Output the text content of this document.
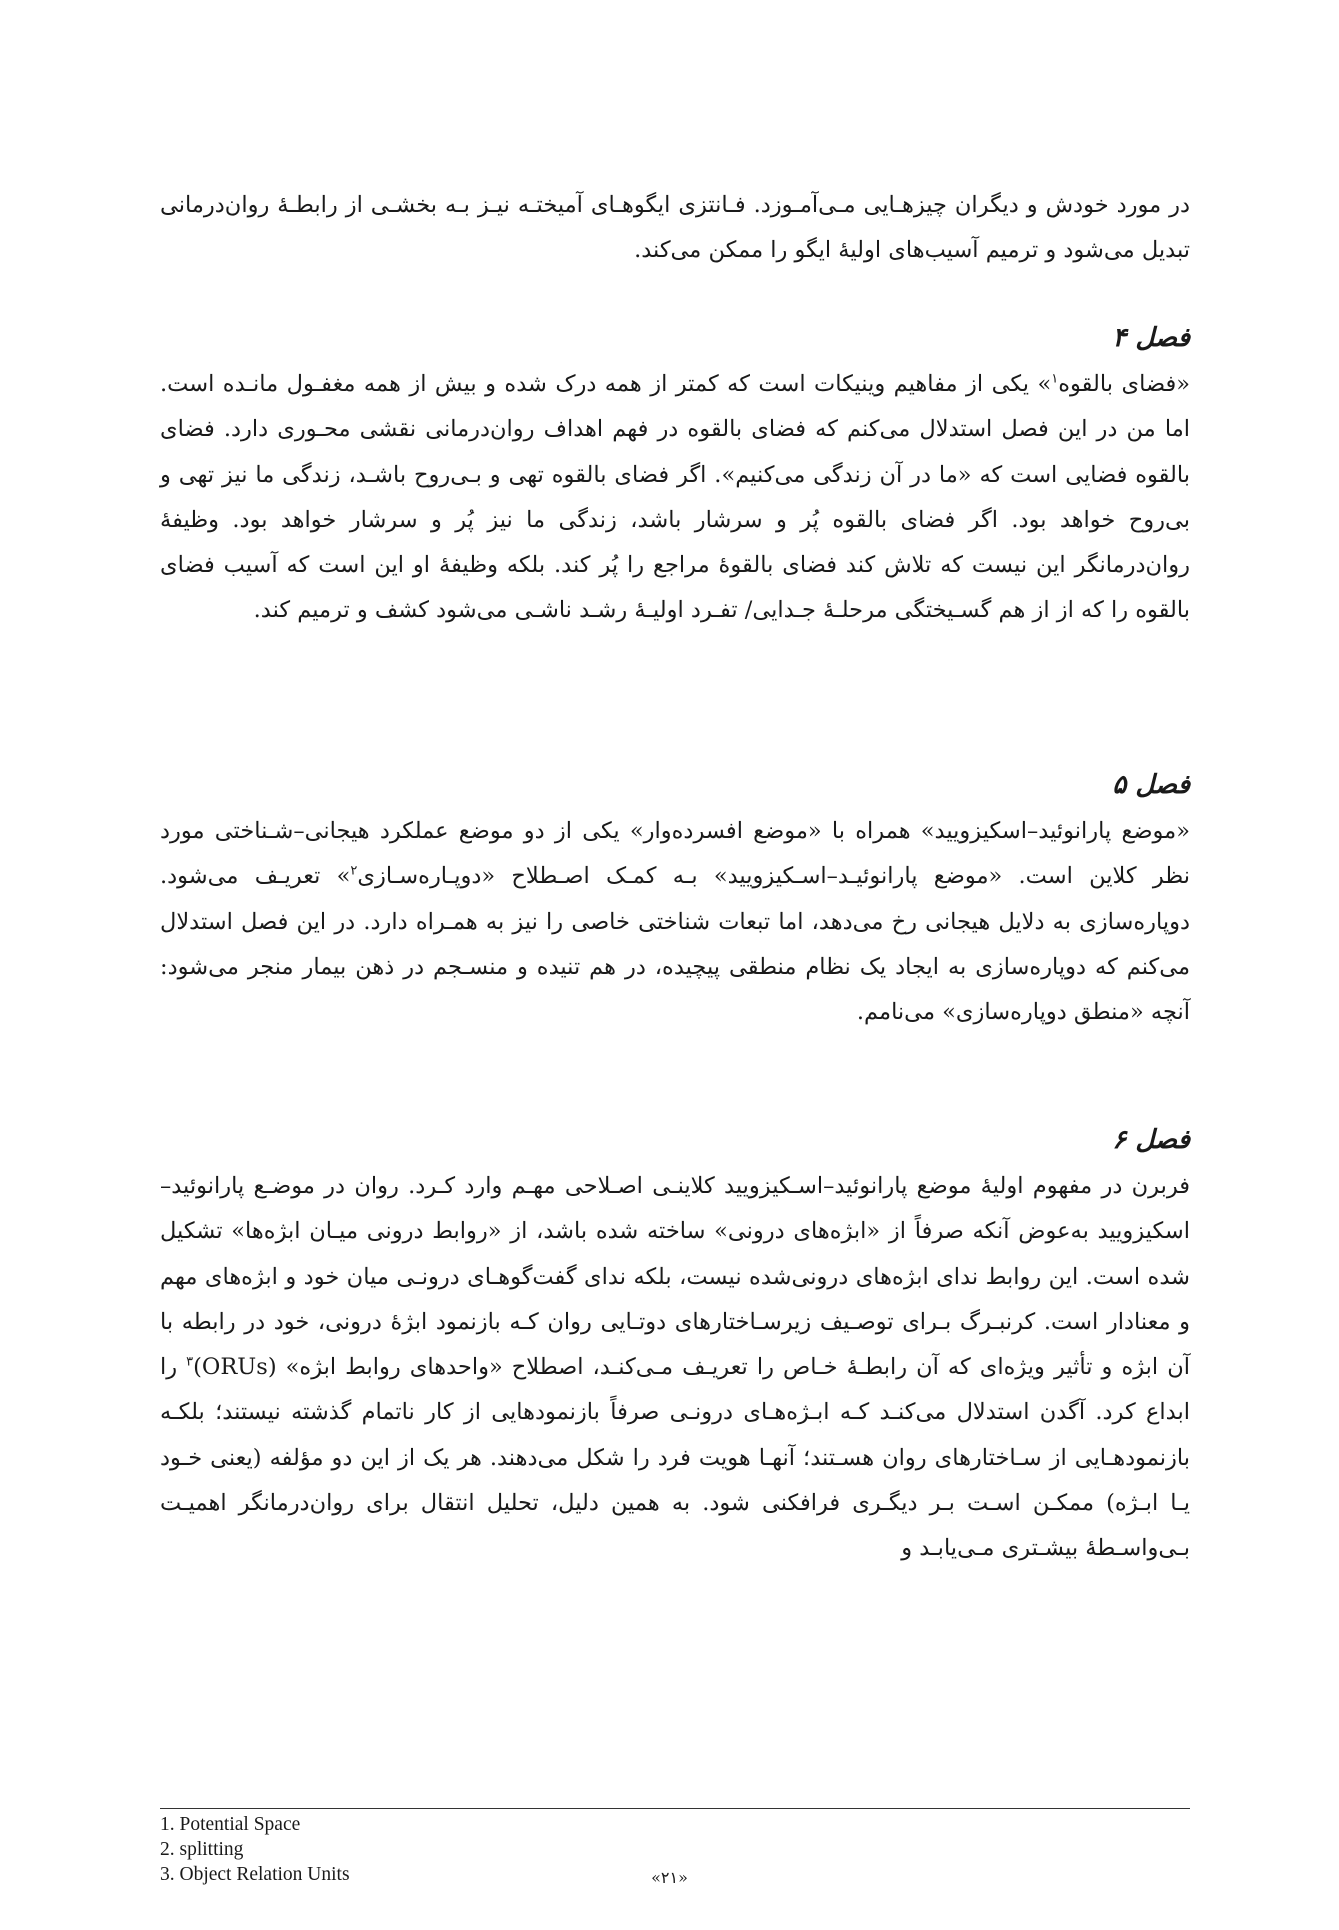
در مورد خودش و دیگران چیزهـایی مـی‌آمـوزد. فـانتزی ایگوهـای آمیختـه نیـز بـه بخشـی از رابطـۀ روان‌درمانی تبدیل می‌شود و ترمیم آسیب‌های اولیۀ ایگو را ممکن می‌کند.

فصل ۴

«فضای بالقوه$^۱$» یکی از مفاهیم وینیکات است که کمتر از همه درک شده و بیش از همه مغفـول مانـده است. اما من در این فصل استدلال می‌کنم که فضای بالقوه در فهم اهداف روان‌درمانی نقشی محـوری دارد. فضای بالقوه فضایی است که «ما در آن زندگی می‌کنیم». اگر فضای بالقوه تهی و بـی‌روح باشـد، زندگی ما نیز تهی و بی‌روح خواهد بود. اگر فضای بالقوه پُر و سرشار باشد، زندگی ما نیز پُر و سرشار خواهد بود. وظیفۀ روان‌درمانگر این نیست که تلاش کند فضای بالقوۀ مراجع را پُر کند. بلکه وظیفۀ او این است که آسیب فضای بالقوه را که از از هم گسـیختگی مرحلـۀ جـدایی/ تفـرد اولیـۀ رشـد ناشـی می‌شود کشف و ترمیم کند.

فصل ۵

«موضع پارانوئید–اسکیزویید» همراه با «موضع افسرده‌وار» یکی از دو موضع عملکرد هیجانی–شـناختی مورد نظر کلاین است. «موضع پارانوئیـد–اسـکیزویید» بـه کمـک اصـطلاح «دوپـاره‌سـازی$^۲$» تعریـف می‌شود. دوپاره‌سازی به دلایل هیجانی رخ می‌دهد، اما تبعات شناختی خاصی را نیز به همـراه دارد. در این فصل استدلال می‌کنم که دوپاره‌سازی به ایجاد یک نظام منطقی پیچیده، در هم تنیده و منسـجم در ذهن بیمار منجر می‌شود: آنچه «منطق دوپاره‌سازی» می‌نامم.

فصل ۶

فربرن در مفهوم اولیۀ موضع پارانوئید–اسـکیزویید کلاینـی اصـلاحی مهـم وارد کـرد. روان در موضـع پارانوئید–اسکیزویید به‌عوض آنکه صرفاً از «ابژه‌های درونی» ساخته شده باشد، از «روابط درونی میـان ابژه‌ها» تشکیل شده است. این روابط ندای ابژه‌های درونی‌شده نیست، بلکه ندای گفت‌گوهـای درونـی میان خود و ابژه‌های مهم و معنادار است. کرنبـرگ بـرای توصـیف زیرسـاختارهای دوتـایی روان کـه بازنمود ابژۀ درونی، خود در رابطه با آن ابژه و تأثیر ویژه‌ای که آن رابطـۀ خـاص را تعریـف مـی‌کنـد، اصطلاح «واحدهای روابط ابژه» (ORUs)$^۳$ را ابداع کرد. آگدن استدلال می‌کنـد کـه ابـژه‌هـای درونـی صرفاً بازنمودهایی از کار ناتمام گذشته نیستند؛ بلکـه بازنمودهـایی از سـاختارهای روان هسـتند؛ آنهـا هویت فرد را شکل می‌دهند. هر یک از این دو مؤلفه (یعنی خـود یـا ابـژه) ممکـن اسـت بـر دیگـری فرافکنی شود. به همین دلیل، تحلیل انتقال برای روان‌درمانگر اهمیـت بـی‌واسـطۀ بیشـتری مـی‌یابـد و

1. Potential Space

2. splitting

3. Object Relation Units	«۲۱»
